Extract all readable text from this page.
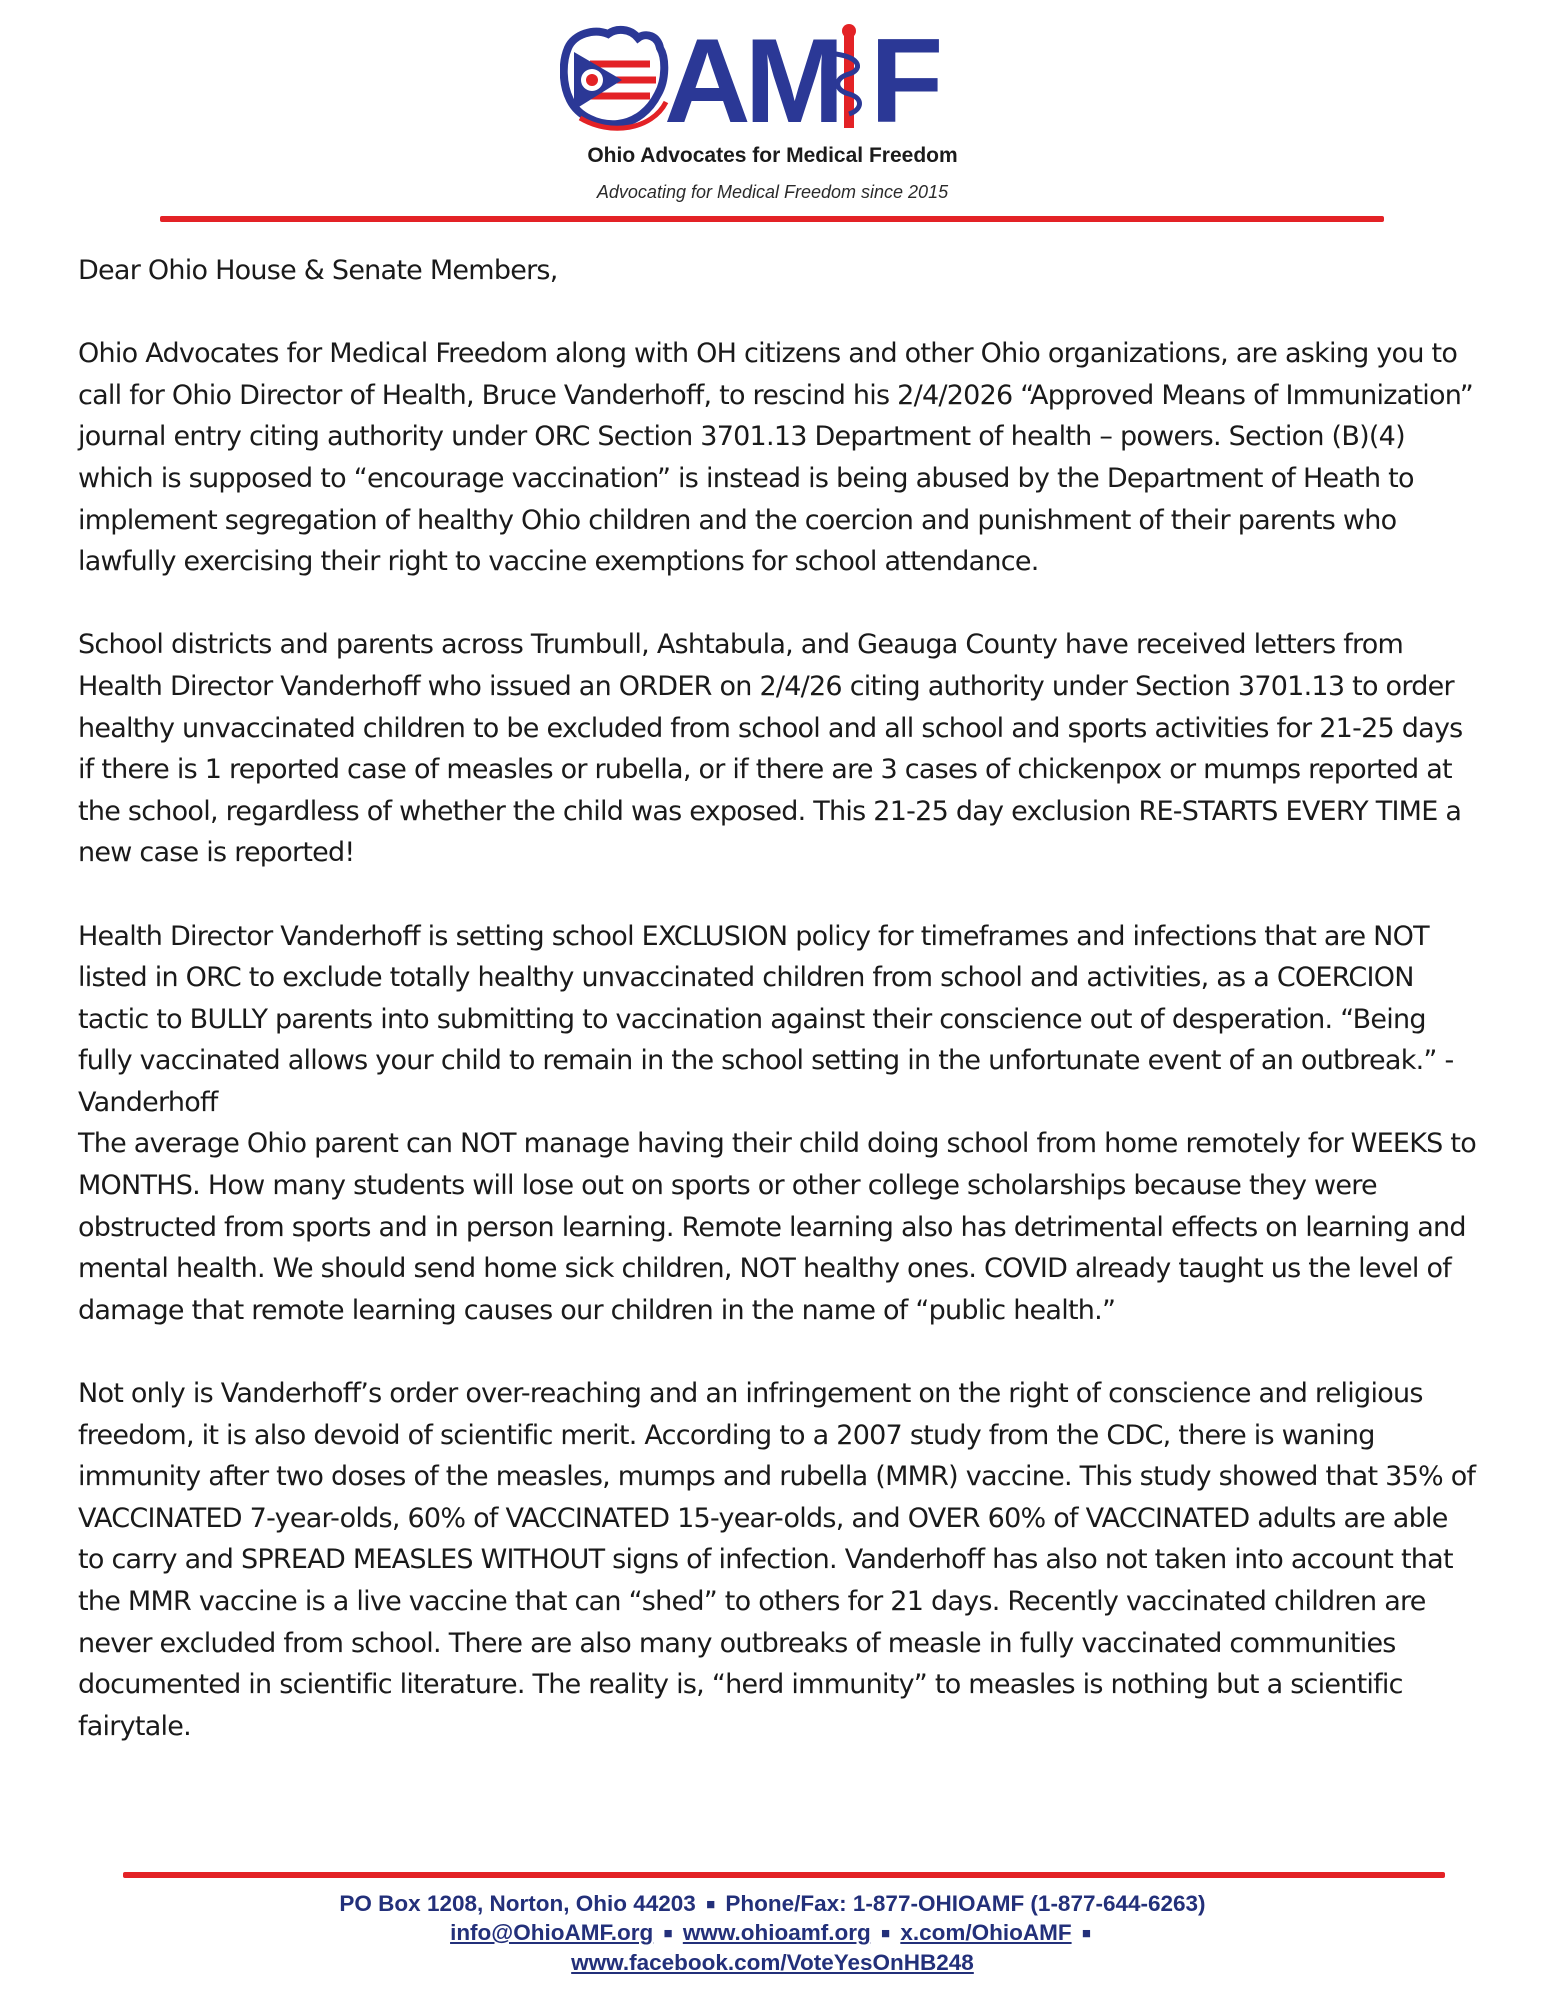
AM F
Ohio Advocates for Medical Freedom
Advocating for Medical Freedom since 2015

Dear Ohio House & Senate Members,

Ohio Advocates for Medical Freedom along with OH citizens and other Ohio organizations, are asking you to call for Ohio Director of Health, Bruce Vanderhoff, to rescind his 2/4/2026 “Approved Means of Immunization” journal entry citing authority under ORC Section 3701.13 Department of health – powers. Section (B)(4) which is supposed to “encourage vaccination” is instead is being abused by the Department of Heath to implement segregation of healthy Ohio children and the coercion and punishment of their parents who lawfully exercising their right to vaccine exemptions for school attendance.

School districts and parents across Trumbull, Ashtabula, and Geauga County have received letters from Health Director Vanderhoff who issued an ORDER on 2/4/26 citing authority under Section 3701.13 to order healthy unvaccinated children to be excluded from school and all school and sports activities for 21-25 days if there is 1 reported case of measles or rubella, or if there are 3 cases of chickenpox or mumps reported at the school, regardless of whether the child was exposed. This 21-25 day exclusion RE-STARTS EVERY TIME a new case is reported!

Health Director Vanderhoff is setting school EXCLUSION policy for timeframes and infections that are NOT listed in ORC to exclude totally healthy unvaccinated children from school and activities, as a COERCION tactic to BULLY parents into submitting to vaccination against their conscience out of desperation. “Being fully vaccinated allows your child to remain in the school setting in the unfortunate event of an outbreak.” - Vanderhoff

The average Ohio parent can NOT manage having their child doing school from home remotely for WEEKS to MONTHS. How many students will lose out on sports or other college scholarships because they were obstructed from sports and in person learning. Remote learning also has detrimental effects on learning and mental health. We should send home sick children, NOT healthy ones. COVID already taught us the level of damage that remote learning causes our children in the name of “public health.”

Not only is Vanderhoff’s order over-reaching and an infringement on the right of conscience and religious freedom, it is also devoid of scientific merit. According to a 2007 study from the CDC, there is waning immunity after two doses of the measles, mumps and rubella (MMR) vaccine. This study showed that 35% of VACCINATED 7-year-olds, 60% of VACCINATED 15-year-olds, and OVER 60% of VACCINATED adults are able to carry and SPREAD MEASLES WITHOUT signs of infection. Vanderhoff has also not taken into account that the MMR vaccine is a live vaccine that can “shed” to others for 21 days. Recently vaccinated children are never excluded from school. There are also many outbreaks of measle in fully vaccinated communities documented in scientific literature. The reality is, “herd immunity” to measles is nothing but a scientific fairytale.

PO Box 1208, Norton, Ohio 44203 ■ Phone/Fax: 1-877-OHIOAMF (1-877-644-6263)
info@OhioAMF.org ■ www.ohioamf.org ■ x.com/OhioAMF ■
www.facebook.com/VoteYesOnHB248
